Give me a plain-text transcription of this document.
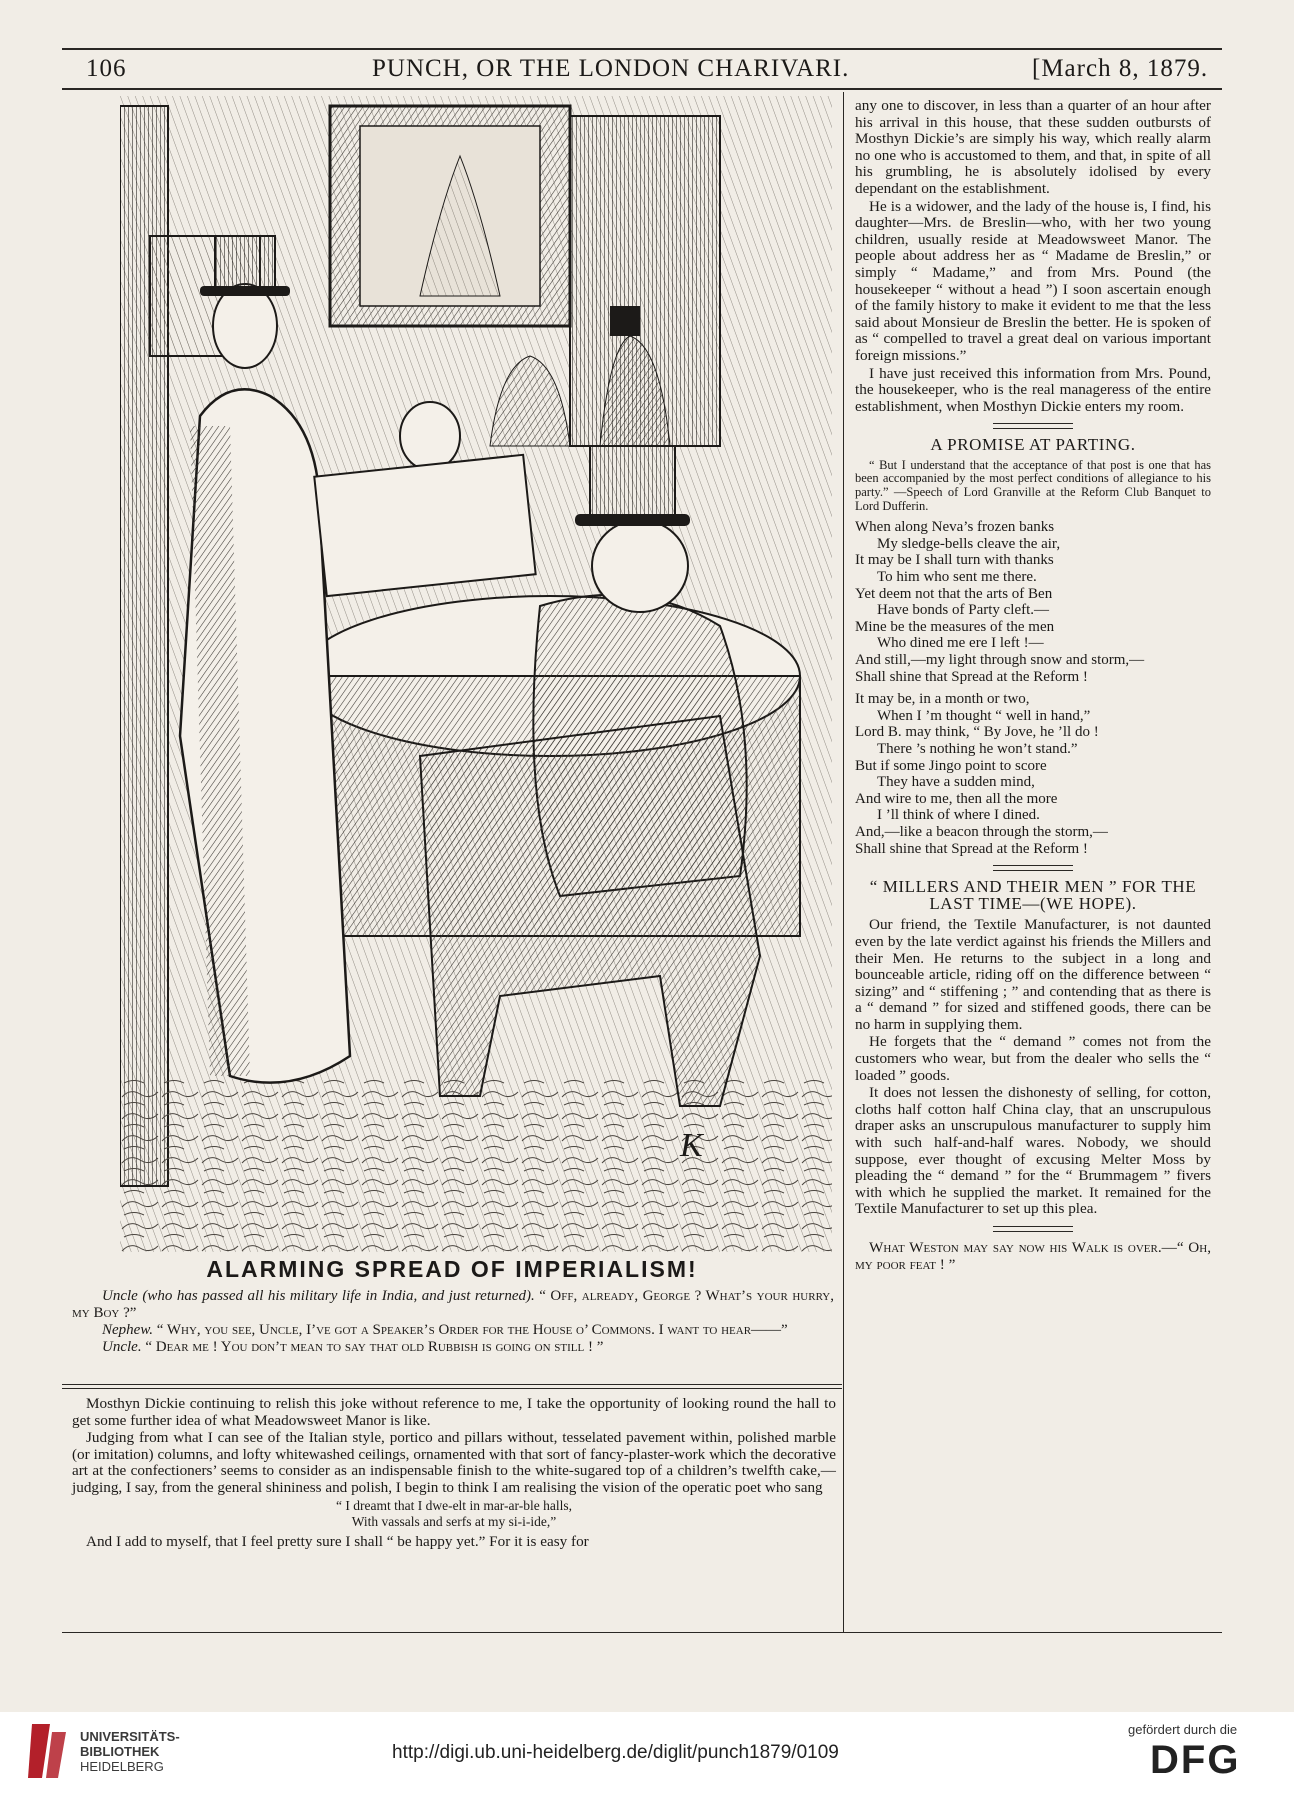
106	PUNCH, OR THE LONDON CHARIVARI.	[March 8, 1879.
K
ALARMING SPREAD OF IMPERIALISM!
Uncle (who has passed all his military life in India, and just returned). “ Off, already, George ? What’s your hurry, my Boy ?”
Nephew. “ Why, you see, Uncle, I’ve got a Speaker’s Order for the House o’ Commons. I want to hear——”
Uncle. “ Dear me ! You don’t mean to say that old Rubbish is going on still ! ”

Mosthyn Dickie continuing to relish this joke without reference to me, I take the opportunity of looking round the hall to get some further idea of what Meadowsweet Manor is like.

Judging from what I can see of the Italian style, portico and pillars without, tesselated pavement within, polished marble (or imitation) columns, and lofty whitewashed ceilings, ornamented with that sort of fancy-plaster-work which the decorative art at the confectioners’ seems to consider as an indispensable finish to the white-sugared top of a children’s twelfth cake,—judging, I say, from the general shininess and polish, I begin to think I am realising the vision of the operatic poet who sang

“ I dreamt that I dwe-elt in mar-ar-ble halls,
With vassals and serfs at my si-i-ide,”

And I add to myself, that I feel pretty sure I shall “ be happy yet.” For it is easy for

any one to discover, in less than a quarter of an hour after his arrival in this house, that these sudden outbursts of Mosthyn Dickie’s are simply his way, which really alarm no one who is accustomed to them, and that, in spite of all his grumbling, he is absolutely idolised by every dependant on the establishment.

He is a widower, and the lady of the house is, I find, his daughter—Mrs. de Breslin—who, with her two young children, usually reside at Meadowsweet Manor. The people about address her as “ Madame de Breslin,” or simply “ Madame,” and from Mrs. Pound (the housekeeper “ without a head ”) I soon ascertain enough of the family history to make it evident to me that the less said about Monsieur de Breslin the better. He is spoken of as “ compelled to travel a great deal on various important foreign missions.”

I have just received this information from Mrs. Pound, the housekeeper, who is the real manageress of the entire establishment, when Mosthyn Dickie enters my room.

A PROMISE AT PARTING.

“ But I understand that the acceptance of that post is one that has been accompanied by the most perfect conditions of allegiance to his party.” —Speech of Lord Granville at the Reform Club Banquet to Lord Dufferin.

When along Neva’s frozen banks

My sledge-bells cleave the air,

It may be I shall turn with thanks

To him who sent me there.

Yet deem not that the arts of Ben

Have bonds of Party cleft.—

Mine be the measures of the men

Who dined me ere I left !—

And still,—my light through snow and storm,—

Shall shine that Spread at the Reform !

It may be, in a month or two,

When I ’m thought “ well in hand,”

Lord B. may think, “ By Jove, he ’ll do !

There ’s nothing he won’t stand.”

But if some Jingo point to score

They have a sudden mind,

And wire to me, then all the more

I ’ll think of where I dined.

And,—like a beacon through the storm,—

Shall shine that Spread at the Reform !

“ MILLERS AND THEIR MEN ” FOR THE LAST TIME—(WE HOPE).

Our friend, the Textile Manufacturer, is not daunted even by the late verdict against his friends the Millers and their Men. He returns to the subject in a long and bounceable article, riding off on the difference between “ sizing” and “ stiffening ; ” and contending that as there is a “ demand ” for sized and stiffened goods, there can be no harm in supplying them.

He forgets that the “ demand ” comes not from the customers who wear, but from the dealer who sells the “ loaded ” goods.

It does not lessen the dishonesty of selling, for cotton, cloths half cotton half China clay, that an unscrupulous draper asks an unscrupulous manufacturer to supply him with such half-and-half wares. Nobody, we should suppose, ever thought of excusing Melter Moss by pleading the “ demand ” for the “ Brummagem ” fivers with which he supplied the market. It remained for the Textile Manufacturer to set up this plea.

What Weston may say now his Walk is over.—“ Oh, my poor feat ! ”

UNIVERSITÄTS-
BIBLIOTHEK
HEIDELBERG
http://digi.ub.uni-heidelberg.de/diglit/punch1879/0109
gefördert durch die
DFG
